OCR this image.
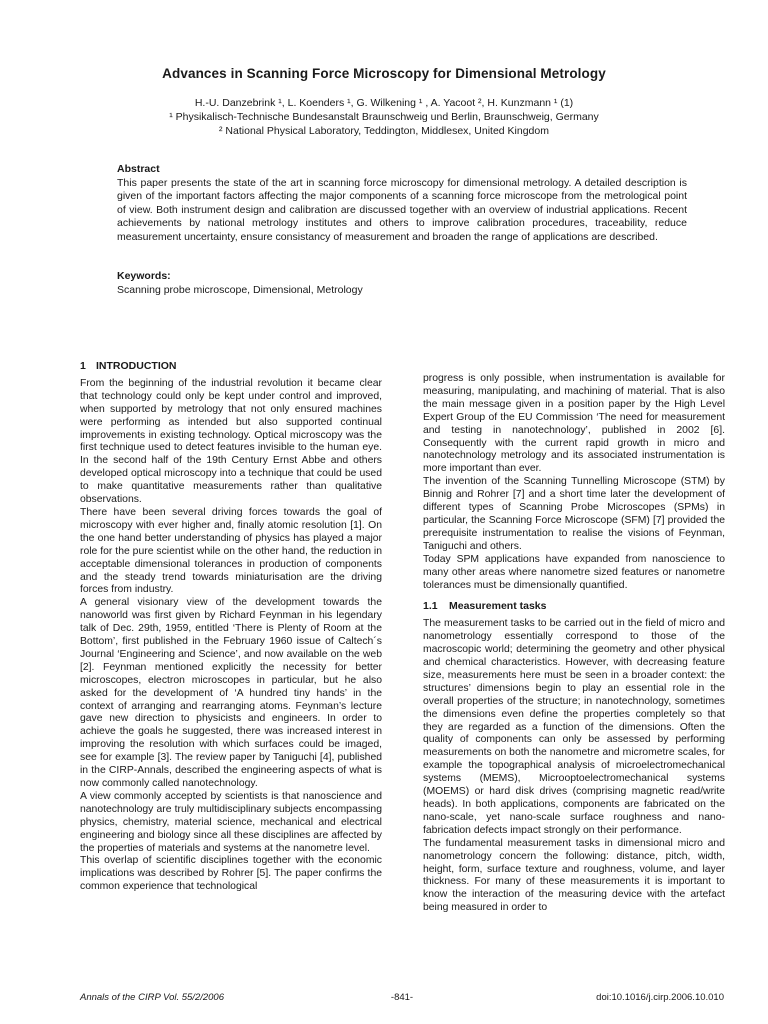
Advances in Scanning Force Microscopy for Dimensional Metrology
H.-U. Danzebrink ¹, L. Koenders ¹, G. Wilkening ¹ , A. Yacoot ², H. Kunzmann ¹ (1)
¹ Physikalisch-Technische Bundesanstalt Braunschweig und Berlin, Braunschweig, Germany
² National Physical Laboratory, Teddington, Middlesex, United Kingdom
Abstract
This paper presents the state of the art in scanning force microscopy for dimensional metrology. A detailed description is given of the important factors affecting the major components of a scanning force microscope from the metrological point of view. Both instrument design and calibration are discussed together with an overview of industrial applications. Recent achievements by national metrology institutes and others to improve calibration procedures, traceability, reduce measurement uncertainty, ensure consistancy of measurement and broaden the range of applications are described.
Keywords:
Scanning probe microscope, Dimensional, Metrology
1 INTRODUCTION

From the beginning of the industrial revolution it became clear that technology could only be kept under control and improved, when supported by metrology that not only ensured machines were performing as intended but also supported continual improvements in existing technology. Optical microscopy was the first technique used to detect features invisible to the human eye. In the second half of the 19th Century Ernst Abbe and others developed optical microscopy into a technique that could be used to make quantitative measurements rather than qualitative observations.

There have been several driving forces towards the goal of microscopy with ever higher and, finally atomic resolution [1]. On the one hand better understanding of physics has played a major role for the pure scientist while on the other hand, the reduction in acceptable dimensional tolerances in production of components and the steady trend towards miniaturisation are the driving forces from industry.

A general visionary view of the development towards the nanoworld was first given by Richard Feynman in his legendary talk of Dec. 29th, 1959, entitled ‘There is Plenty of Room at the Bottom’, first published in the February 1960 issue of Caltech´s Journal ‘Engineering and Science’, and now available on the web [2]. Feynman mentioned explicitly the necessity for better microscopes, electron microscopes in particular, but he also asked for the development of ‘A hundred tiny hands’ in the context of arranging and rearranging atoms. Feynman’s lecture gave new direction to physicists and engineers. In order to achieve the goals he suggested, there was increased interest in improving the resolution with which surfaces could be imaged, see for example [3]. The review paper by Taniguchi [4], published in the CIRP-Annals, described the engineering aspects of what is now commonly called nanotechnology.

A view commonly accepted by scientists is that nanoscience and nanotechnology are truly multidisciplinary subjects encompassing physics, chemistry, material science, mechanical and electrical engineering and biology since all these disciplines are affected by the properties of materials and systems at the nanometre level.

This overlap of scientific disciplines together with the economic implications was described by Rohrer [5]. The paper confirms the common experience that technological

progress is only possible, when instrumentation is available for measuring, manipulating, and machining of material. That is also the main message given in a position paper by the High Level Expert Group of the EU Commission ‘The need for measurement and testing in nanotechnology’, published in 2002 [6]. Consequently with the current rapid growth in micro and nanotechnology metrology and its associated instrumentation is more important than ever.

The invention of the Scanning Tunnelling Microscope (STM) by Binnig and Rohrer [7] and a short time later the development of different types of Scanning Probe Microscopes (SPMs) in particular, the Scanning Force Microscope (SFM) [7] provided the prerequisite instrumentation to realise the visions of Feynman, Taniguchi and others.

Today SPM applications have expanded from nanoscience to many other areas where nanometre sized features or nanometre tolerances must be dimensionally quantified.

1.1 Measurement tasks

The measurement tasks to be carried out in the field of micro and nanometrology essentially correspond to those of the macroscopic world; determining the geometry and other physical and chemical characteristics. However, with decreasing feature size, measurements here must be seen in a broader context: the structures’ dimensions begin to play an essential role in the overall properties of the structure; in nanotechnology, sometimes the dimensions even define the properties completely so that they are regarded as a function of the dimensions. Often the quality of components can only be assessed by performing measurements on both the nanometre and micrometre scales, for example the topographical analysis of microelectromechanical systems (MEMS), Microoptoelectromechanical systems (MOEMS) or hard disk drives (comprising magnetic read/write heads). In both applications, components are fabricated on the nano-scale, yet nano-scale surface roughness and nano-fabrication defects impact strongly on their performance.

The fundamental measurement tasks in dimensional micro and nanometrology concern the following: distance, pitch, width, height, form, surface texture and roughness, volume, and layer thickness. For many of these measurements it is important to know the interaction of the measuring device with the artefact being measured in order to

Annals of the CIRP Vol. 55/2/2006	-841-	doi:10.1016/j.cirp.2006.10.010
